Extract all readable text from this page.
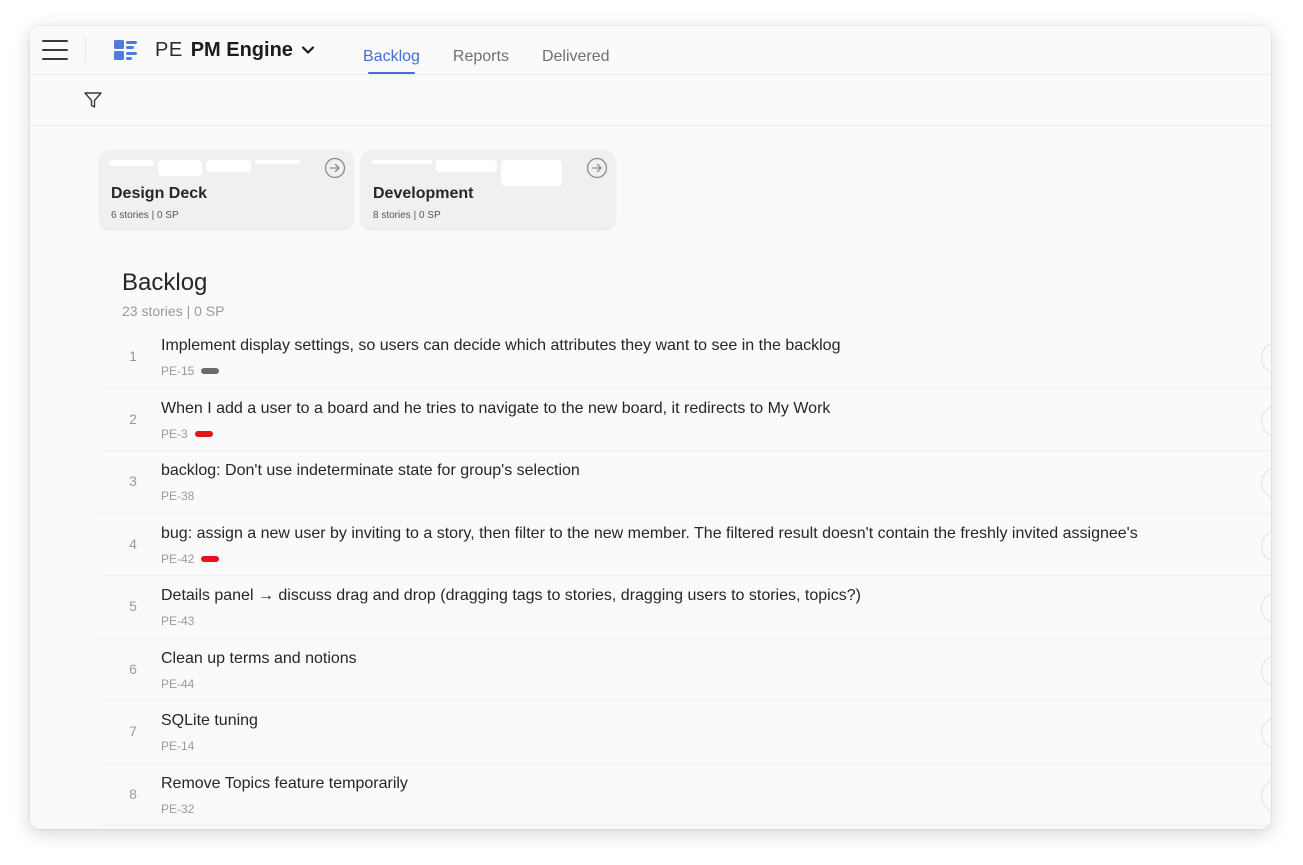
PE PM Engine	Backlog Reports Delivered
Design Deck
6 stories | 0 SP
Development
8 stories | 0 SP
Backlog
23 stories | 0 SP
1
Implement display settings, so users can decide which attributes they want to see in the backlog
PE-15
2
When I add a user to a board and he tries to navigate to the new board, it redirects to My Work
PE-3
3
backlog: Don't use indeterminate state for group's selection
PE-38
4
bug: assign a new user by inviting to a story, then filter to the new member. The filtered result doesn't contain the freshly invited assignee's
PE-42
5
Details panel → discuss drag and drop (dragging tags to stories, dragging users to stories, topics?)
PE-43
6
Clean up terms and notions
PE-44
7
SQLite tuning
PE-14
8
Remove Topics feature temporarily
PE-32
